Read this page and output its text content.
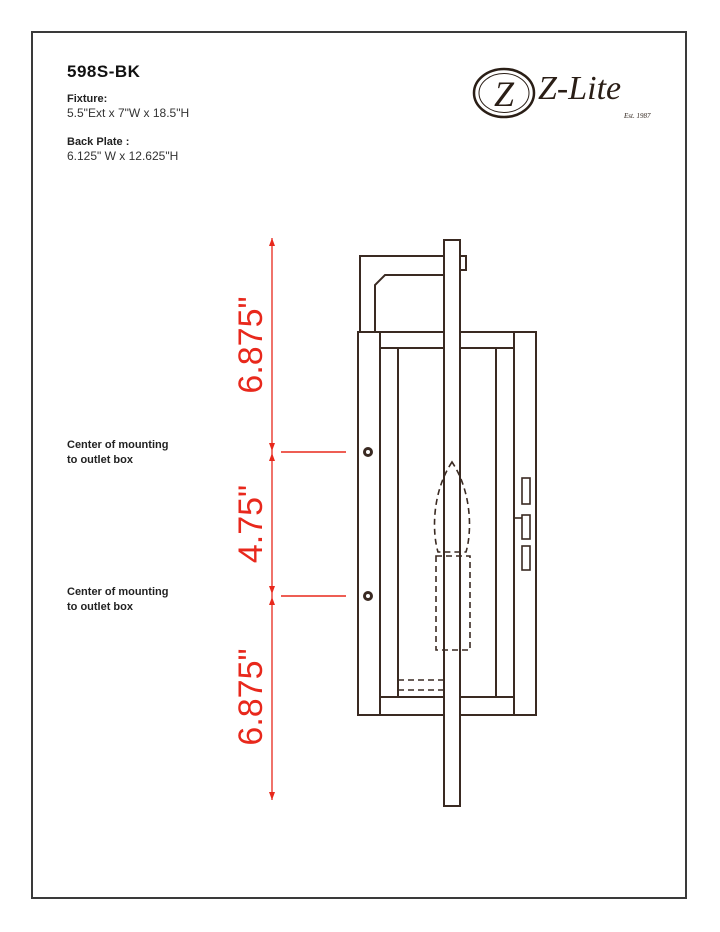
598S-BK
Fixture:
5.5"Ext x 7"W x 18.5"H
Back Plate :
6.125" W x 12.625"H
Center of mounting
to outlet box
Center of mounting
to outlet box
Z
6.875"
4.75"
6.875"
Z-Lite
Est. 1987
